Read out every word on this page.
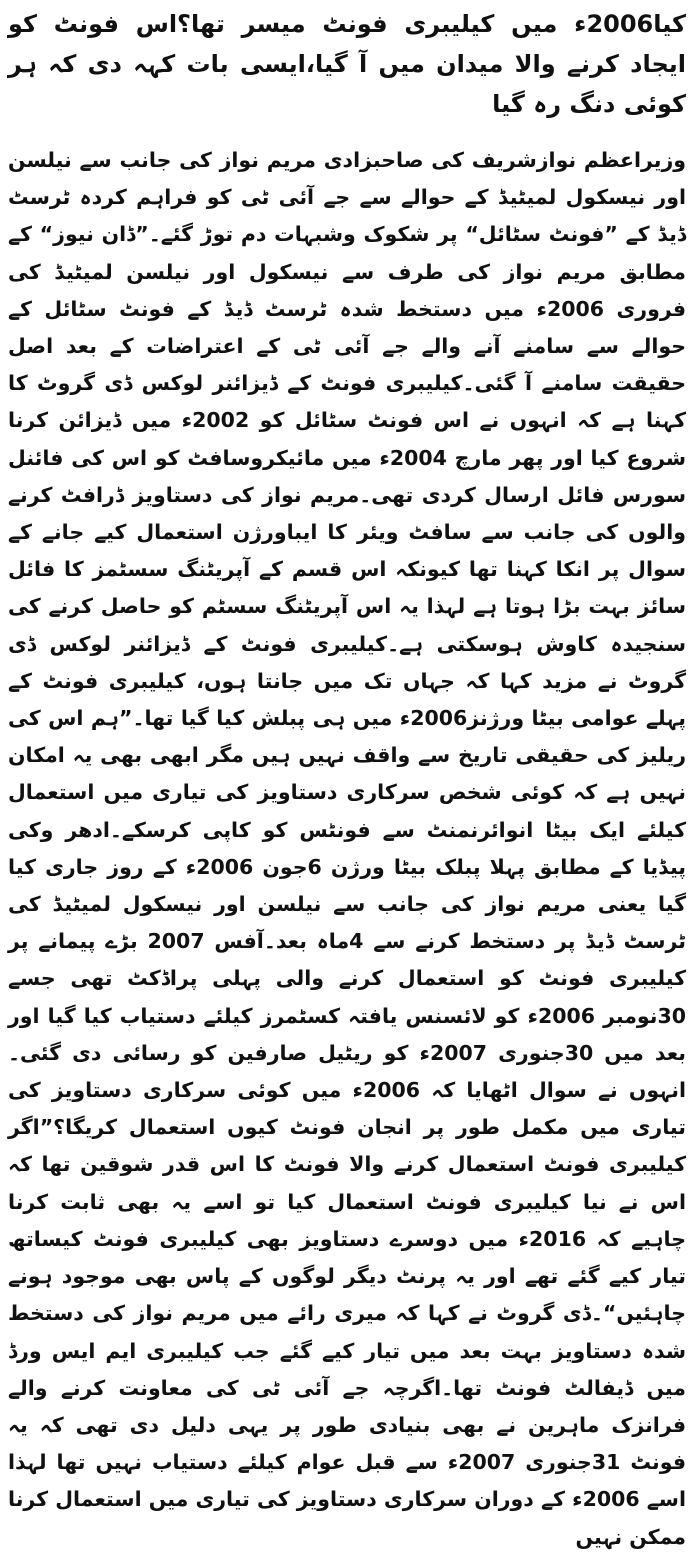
کیا2006ء میں کیلیبری فونٹ میسر تھا؟اس فونٹ کو ایجاد کرنے والا میدان میں آ گیا،ایسی بات کہہ دی کہ ہر کوئی دنگ رہ گیا

وزیراعظم نوازشریف کی صاحبزادی مریم نواز کی جانب سے نیلسن اور نیسکول لمیٹیڈ کے حوالے سے جے آئی ٹی کو فراہم کردہ ٹرسٹ ڈیڈ کے ”فونٹ سٹائل“ پر شکوک وشبہات دم توڑ گئے۔”ڈان نیوز“ کے مطابق مریم نواز کی طرف سے نیسکول اور نیلسن لمیٹیڈ کی فروری 2006ء میں دستخط شدہ ٹرسٹ ڈیڈ کے فونٹ سٹائل کے حوالے سے سامنے آنے والے جے آئی ٹی کے اعتراضات کے بعد اصل حقیقت سامنے آ گئی۔کیلیبری فونٹ کے ڈیزائنر لوکس ڈی گروٹ کا کہنا ہے کہ انہوں نے اس فونٹ سٹائل کو 2002ء میں ڈیزائن کرنا شروع کیا اور پھر مارچ 2004ء میں مائیکروسافٹ کو اس کی فائنل سورس فائل ارسال کردی تھی۔مریم نواز کی دستاویز ڈرافٹ کرنے والوں کی جانب سے سافٹ ویئر کا ایباورژن استعمال کیے جانے کے سوال پر انکا کہنا تھا کیونکہ اس قسم کے آپریٹنگ سسٹمز کا فائل سائز بہت بڑا ہوتا ہے لہذا یہ اس آپریٹنگ سسٹم کو حاصل کرنے کی سنجیدہ کاوش ہوسکتی ہے۔کیلیبری فونٹ کے ڈیزائنر لوکس ڈی گروٹ نے مزید کہا کہ جہاں تک میں جانتا ہوں، کیلیبری فونٹ کے پہلے عوامی بیٹا ورژنز2006ء میں ہی پبلش کیا گیا تھا۔”ہم اس کی ریلیز کی حقیقی تاریخ سے واقف نہیں ہیں مگر ابھی بھی یہ امکان نہیں ہے کہ کوئی شخص سرکاری دستاویز کی تیاری میں استعمال کیلئے ایک بیٹا انوائرنمنٹ سے فونٹس کو کاپی کرسکے۔ادھر وکی پیڈیا کے مطابق پہلا پبلک بیٹا ورژن 6جون 2006ء کے روز جاری کیا گیا یعنی مریم نواز کی جانب سے نیلسن اور نیسکول لمیٹیڈ کی ٹرسٹ ڈیڈ پر دستخط کرنے سے 4ماہ بعد۔آفس 2007 بڑے پیمانے پر کیلیبری فونٹ کو استعمال کرنے والی پہلی پراڈکٹ تھی جسے 30نومبر 2006ء کو لائسنس یافتہ کسٹمرز کیلئے دستیاب کیا گیا اور بعد میں 30جنوری 2007ء کو ریٹیل صارفین کو رسائی دی گئی۔انہوں نے سوال اٹھایا کہ 2006ء میں کوئی سرکاری دستاویز کی تیاری میں مکمل طور پر انجان فونٹ کیوں استعمال کریگا؟”اگر کیلیبری فونٹ استعمال کرنے والا فونٹ کا اس قدر شوقین تھا کہ اس نے نیا کیلیبری فونٹ استعمال کیا تو اسے یہ بھی ثابت کرنا چاہیے کہ 2016ء میں دوسرے دستاویز بھی کیلیبری فونٹ کیساتھ تیار کیے گئے تھے اور یہ پرنٹ دیگر لوگوں کے پاس بھی موجود ہونے چاہئیں“۔ڈی گروٹ نے کہا کہ میری رائے میں مریم نواز کی دستخط شدہ دستاویز بہت بعد میں تیار کیے گئے جب کیلیبری ایم ایس ورڈ میں ڈیفالٹ فونٹ تھا۔اگرچہ جے آئی ٹی کی معاونت کرنے والے فرانزک ماہرین نے بھی بنیادی طور پر یہی دلیل دی تھی کہ یہ فونٹ 31جنوری 2007ء سے قبل عوام کیلئے دستیاب نہیں تھا لہذا اسے 2006ء کے دوران سرکاری دستاویز کی تیاری میں استعمال کرنا ممکن نہیں
